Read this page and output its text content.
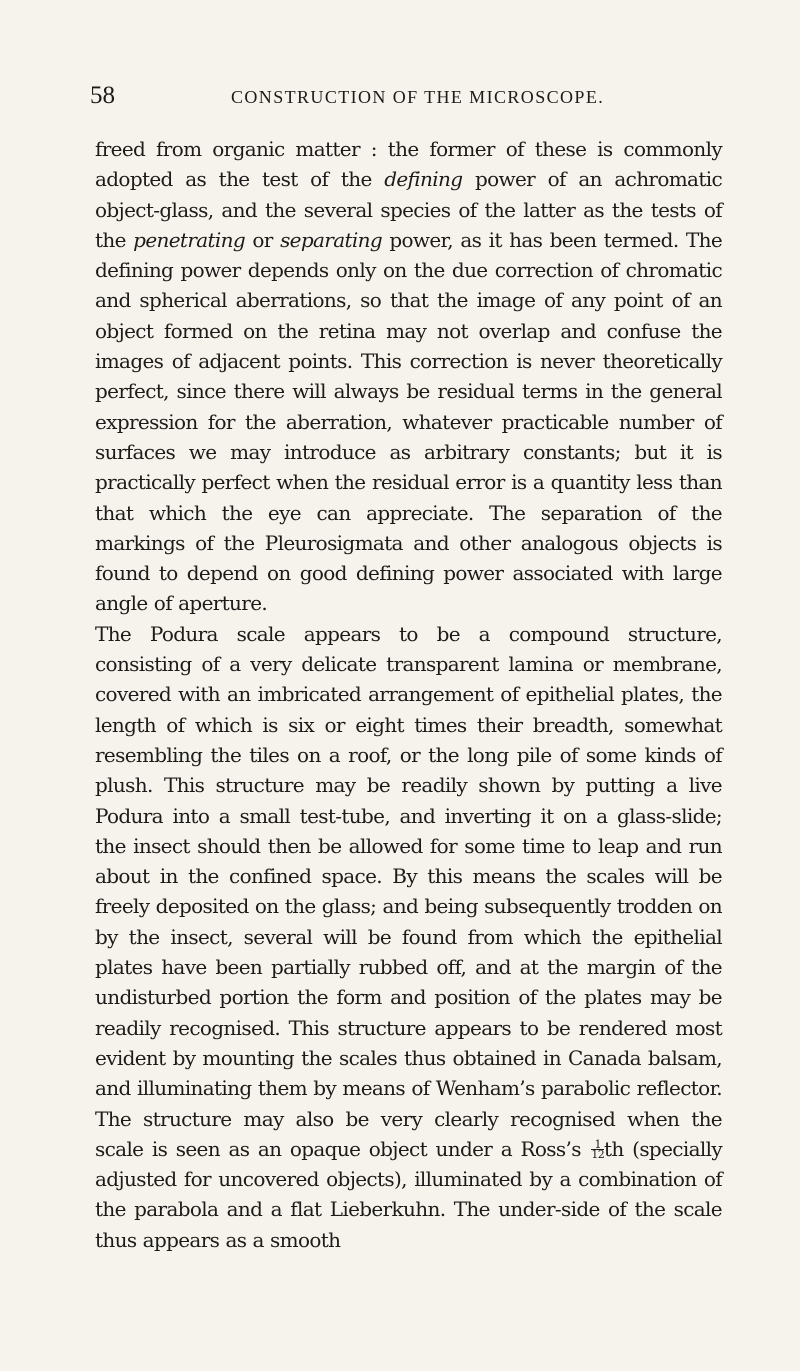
58	CONSTRUCTION OF THE MICROSCOPE.

freed from organic matter : the former of these is commonly adopted as the test of the defining power of an achromatic object-glass, and the several species of the latter as the tests of the penetrating or separating power, as it has been termed. The defining power depends only on the due correction of chromatic and spherical aberrations, so that the image of any point of an object formed on the retina may not overlap and confuse the images of adjacent points. This correction is never theoretically perfect, since there will always be residual terms in the general expression for the aberration, whatever practicable number of surfaces we may introduce as arbitrary constants; but it is practically perfect when the residual error is a quantity less than that which the eye can appreciate. The separation of the markings of the Pleurosigmata and other analogous objects is found to depend on good defining power associated with large angle of aperture.

The Podura scale appears to be a compound structure, consisting of a very delicate transparent lamina or membrane, covered with an imbricated arrangement of epithelial plates, the length of which is six or eight times their breadth, somewhat resembling the tiles on a roof, or the long pile of some kinds of plush. This structure may be readily shown by putting a live Podura into a small test-tube, and inverting it on a glass-slide; the insect should then be allowed for some time to leap and run about in the confined space. By this means the scales will be freely deposited on the glass; and being subsequently trodden on by the insect, several will be found from which the epithelial plates have been partially rubbed off, and at the margin of the undisturbed portion the form and position of the plates may be readily recognised. This structure appears to be rendered most evident by mounting the scales thus obtained in Canada balsam, and illuminating them by means of Wenham’s parabolic reflector. The structure may also be very clearly recognised when the scale is seen as an opaque object under a Ross’s $\frac{1}{12}$ th (specially adjusted for uncovered objects), illuminated by a combination of the parabola and a flat Lieberkuhn. The under-side of the scale thus appears as a smooth
